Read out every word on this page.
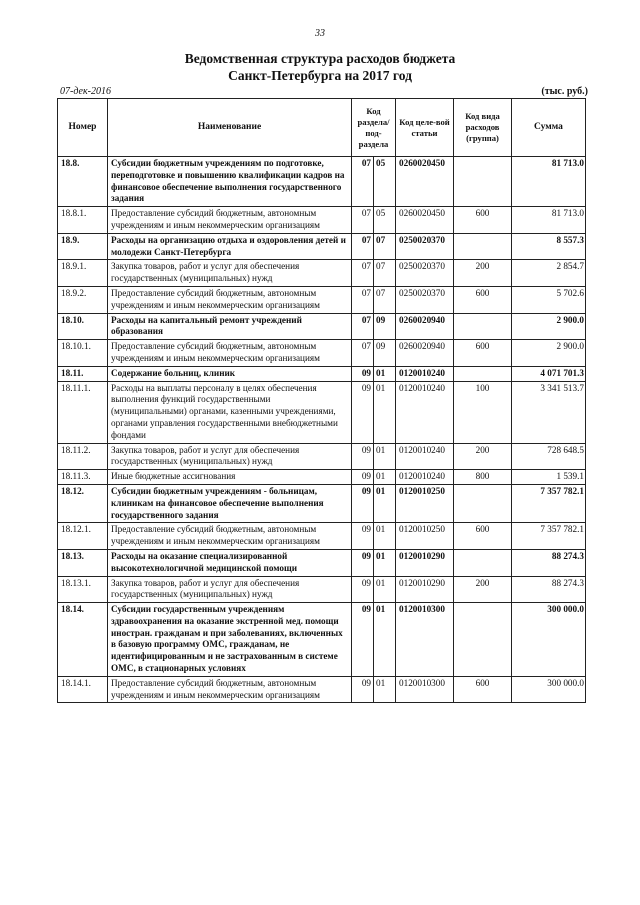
33
Ведомственная структура расходов бюджета
Санкт-Петербурга на 2017 год
07-дек-2016	(тыс. руб.)
Номер	Наименование	Код раздела/ под-раздела		Код целе-вой статьи	Код вида расходов (группа)	Сумма
18.8.	Субсидии бюджетным учреждениям по подготовке, переподготовке и повышению квалификации кадров на финансовое обеспечение выполнения государственного задания	07	05	0260020450		81 713.0
18.8.1.	Предоставление субсидий бюджетным, автономным учреждениям и иным некоммерческим организациям	07	05	0260020450	600	81 713.0
18.9.	Расходы на организацию отдыха и оздоровления детей и молодежи Санкт-Петербурга	07	07	0250020370		8 557.3
18.9.1.	Закупка товаров, работ и услуг для обеспечения государственных (муниципальных) нужд	07	07	0250020370	200	2 854.7
18.9.2.	Предоставление субсидий бюджетным, автономным учреждениям и иным некоммерческим организациям	07	07	0250020370	600	5 702.6
18.10.	Расходы на капитальный ремонт учреждений образования	07	09	0260020940		2 900.0
18.10.1.	Предоставление субсидий бюджетным, автономным учреждениям и иным некоммерческим организациям	07	09	0260020940	600	2 900.0
18.11.	Содержание больниц, клиник	09	01	0120010240		4 071 701.3
18.11.1.	Расходы на выплаты персоналу в целях обеспечения выполнения функций государственными (муниципальными) органами, казенными учреждениями, органами управления государственными внебюджетными фондами	09	01	0120010240	100	3 341 513.7
18.11.2.	Закупка товаров, работ и услуг для обеспечения государственных (муниципальных) нужд	09	01	0120010240	200	728 648.5
18.11.3.	Иные бюджетные ассигнования	09	01	0120010240	800	1 539.1
18.12.	Субсидии бюджетным учреждениям - больницам, клиникам на финансовое обеспечение выполнения государственного задания	09	01	0120010250		7 357 782.1
18.12.1.	Предоставление субсидий бюджетным, автономным учреждениям и иным некоммерческим организациям	09	01	0120010250	600	7 357 782.1
18.13.	Расходы на оказание специализированной высокотехнологичной медицинской помощи	09	01	0120010290		88 274.3
18.13.1.	Закупка товаров, работ и услуг для обеспечения государственных (муниципальных) нужд	09	01	0120010290	200	88 274.3
18.14.	Субсидии государственным учреждениям здравоохранения на оказание экстренной мед. помощи иностран. гражданам и при заболеваниях, включенных в базовую программу ОМС, гражданам, не идентифицированным и не застрахованным в системе ОМС, в стационарных условиях	09	01	0120010300		300 000.0
18.14.1.	Предоставление субсидий бюджетным, автономным учреждениям и иным некоммерческим организациям	09	01	0120010300	600	300 000.0
